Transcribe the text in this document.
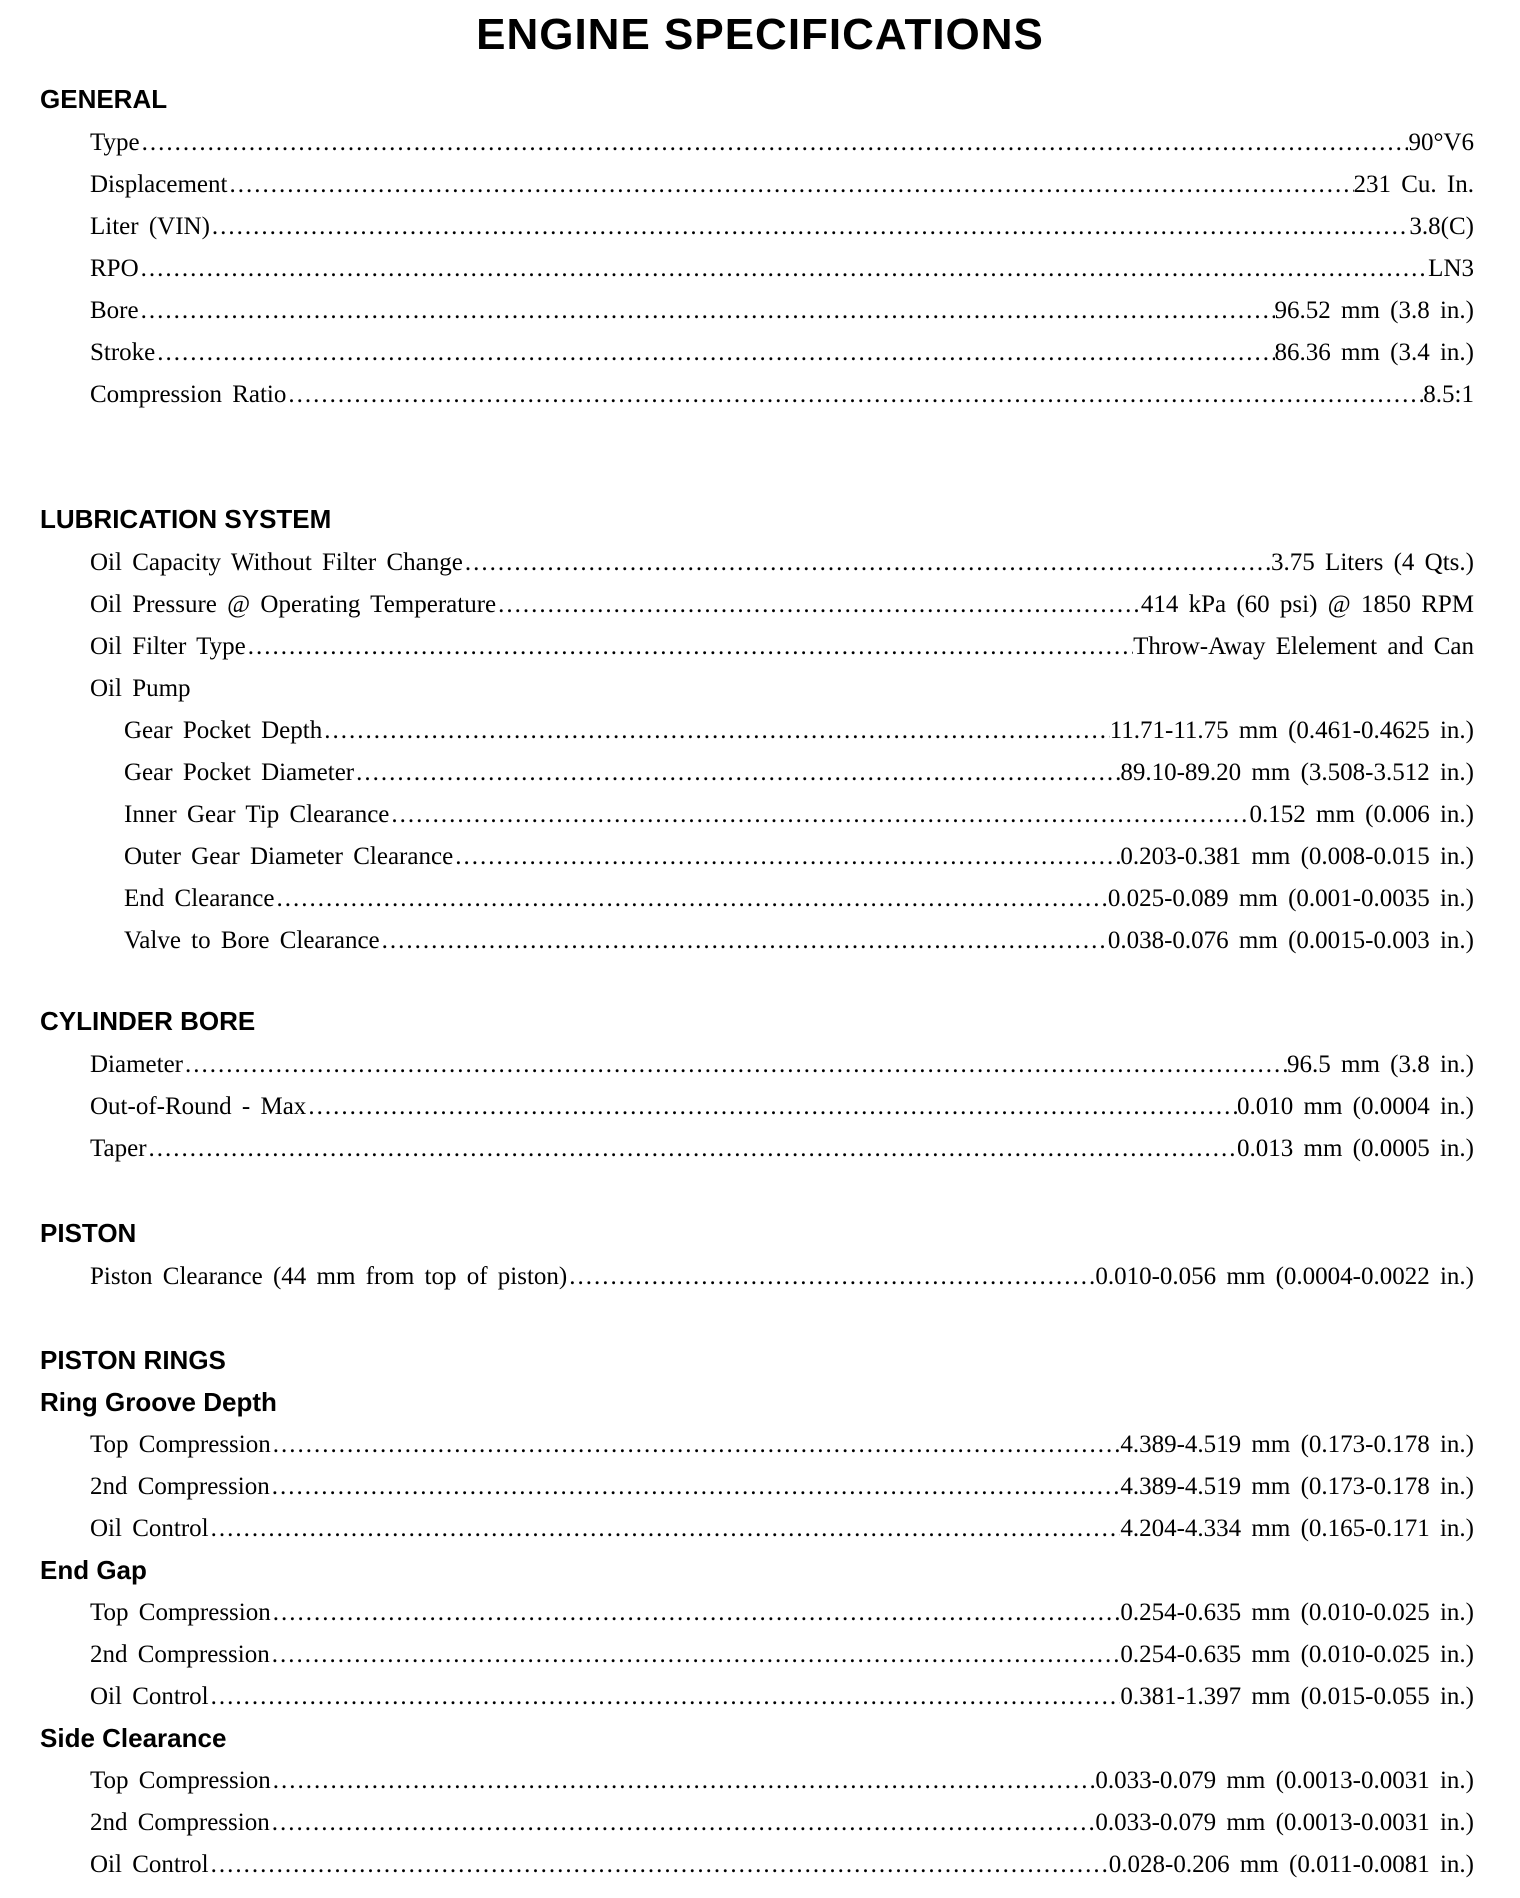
ENGINE SPECIFICATIONS
GENERAL
Type .....	90°V6
Displacement .....	231 Cu. In.
Liter (VIN) .....	3.8(C)
RPO .....	LN3
Bore .....	96.52 mm (3.8 in.)
Stroke .....	86.36 mm (3.4 in.)
Compression Ratio .....	8.5:1
LUBRICATION SYSTEM
Oil Capacity Without Filter Change .....	3.75 Liters (4 Qts.)
Oil Pressure @ Operating Temperature .....	414 kPa (60 psi) @ 1850 RPM
Oil Filter Type .....	Throw-Away Elelement and Can
Oil Pump
Gear Pocket Depth .....	11.71-11.75 mm (0.461-0.4625 in.)
Gear Pocket Diameter .....	89.10-89.20 mm (3.508-3.512 in.)
Inner Gear Tip Clearance .....	0.152 mm (0.006 in.)
Outer Gear Diameter Clearance .....	0.203-0.381 mm (0.008-0.015 in.)
End Clearance .....	0.025-0.089 mm (0.001-0.0035 in.)
Valve to Bore Clearance .....	0.038-0.076 mm (0.0015-0.003 in.)
CYLINDER BORE
Diameter .....	96.5 mm (3.8 in.)
Out-of-Round - Max .....	0.010 mm (0.0004 in.)
Taper .....	0.013 mm (0.0005 in.)
PISTON
Piston Clearance (44 mm from top of piston) .....	0.010-0.056 mm (0.0004-0.0022 in.)
PISTON RINGS
Ring Groove Depth
Top Compression .....	4.389-4.519 mm (0.173-0.178 in.)
2nd Compression .....	4.389-4.519 mm (0.173-0.178 in.)
Oil Control .....	4.204-4.334 mm (0.165-0.171 in.)
End Gap
Top Compression .....	0.254-0.635 mm (0.010-0.025 in.)
2nd Compression .....	0.254-0.635 mm (0.010-0.025 in.)
Oil Control .....	0.381-1.397 mm (0.015-0.055 in.)
Side Clearance
Top Compression .....	0.033-0.079 mm (0.0013-0.0031 in.)
2nd Compression .....	0.033-0.079 mm (0.0013-0.0031 in.)
Oil Control .....	0.028-0.206 mm (0.011-0.0081 in.)
